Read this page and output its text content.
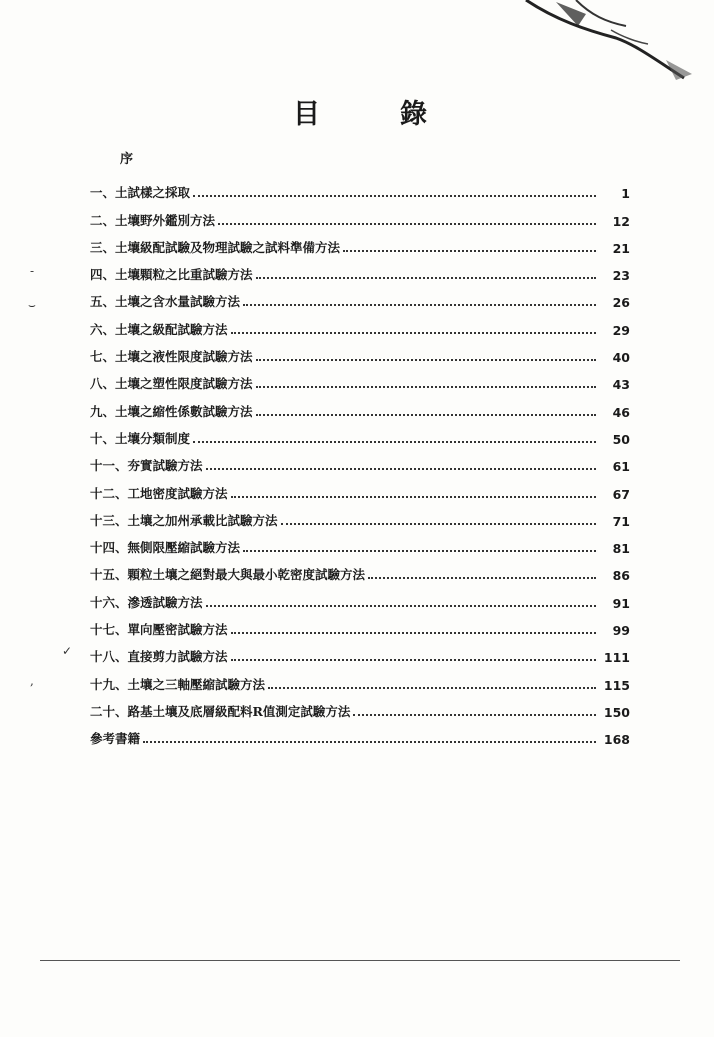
目	錄
序
一、土試樣之採取	1
二、土壤野外鑑別方法	12
三、土壤級配試驗及物理試驗之試料準備方法	21
四、土壤顆粒之比重試驗方法	23
五、土壤之含水量試驗方法	26
六、土壤之級配試驗方法	29
七、土壤之液性限度試驗方法	40
八、土壤之塑性限度試驗方法	43
九、土壤之縮性係數試驗方法	46
十、土壤分類制度	50
十一、夯實試驗方法	61
十二、工地密度試驗方法	67
十三、土壤之加州承載比試驗方法	71
十四、無側限壓縮試驗方法	81
十五、顆粒土壤之絕對最大與最小乾密度試驗方法	86
十六、滲透試驗方法	91
十七、單向壓密試驗方法	99
十八、直接剪力試驗方法	111
十九、土壤之三軸壓縮試驗方法	115
二十、路基土壤及底層級配料R值測定試驗方法	150
參考書籍	168
-
⌣
✓
,
